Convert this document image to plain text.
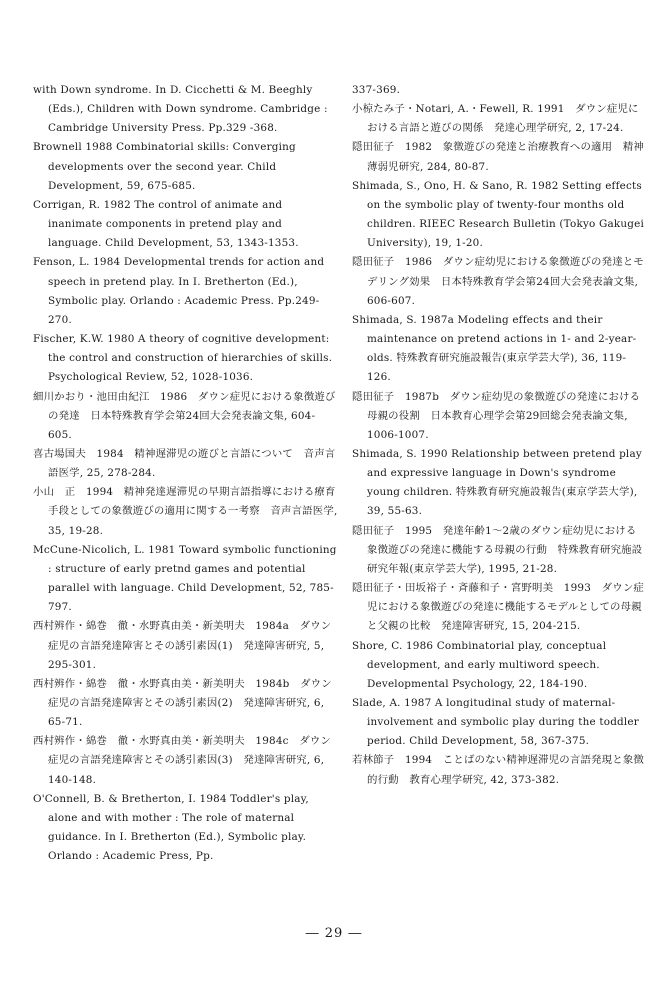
with Down syndrome. In D. Cicchetti & M. Beeghly (Eds.), Children with Down syndrome. Cambridge : Cambridge University Press. Pp.329 -368.

Brownell 1988 Combinatorial skills: Converging developments over the second year. Child Development, 59, 675-685.

Corrigan, R. 1982 The control of animate and inanimate components in pretend play and language. Child Development, 53, 1343-1353.

Fenson, L. 1984 Developmental trends for action and speech in pretend play. In I. Bretherton (Ed.), Symbolic play. Orlando : Academic Press. Pp.249-270.

Fischer, K.W. 1980 A theory of cognitive development: the control and construction of hierarchies of skills. Psychological Review, 52, 1028-1036.

細川かおり・池田由紀江　1986　ダウン症児における象徴遊びの発達　日本特殊教育学会第24回大会発表論文集, 604-605.

喜古場国夫　1984　精神遅滞児の遊びと言語について　音声言語医学, 25, 278-284.

小山　正　1994　精神発達遅滞児の早期言語指導における療育手段としての象徴遊びの適用に関する一考察　音声言語医学, 35, 19-28.

McCune-Nicolich, L. 1981 Toward symbolic functioning : structure of early pretnd games and potential parallel with language. Child Development, 52, 785-797.

西村辨作・綿巻　徹・水野真由美・新美明夫　1984a　ダウン症児の言語発達障害とその誘引素因(1)　発達障害研究, 5, 295-301.

西村辨作・綿巻　徹・水野真由美・新美明夫　1984b　ダウン症児の言語発達障害とその誘引素因(2)　発達障害研究, 6, 65-71.

西村辨作・綿巻　徹・水野真由美・新美明夫　1984c　ダウン症児の言語発達障害とその誘引素因(3)　発達障害研究, 6, 140-148.

O'Connell, B. & Bretherton, I. 1984 Toddler's play, alone and with mother : The role of maternal guidance. In I. Bretherton (Ed.), Symbolic play. Orlando : Academic Press, Pp.

337-369.

小椋たみ子・Notari, A.・Fewell, R. 1991　ダウン症児における言語と遊びの関係　発達心理学研究, 2, 17-24.

隠田征子　1982　象徴遊びの発達と治療教育への適用　精神薄弱児研究, 284, 80-87.

Shimada, S., Ono, H. & Sano, R. 1982 Setting effects on the symbolic play of twenty-four months old children. RIEEC Research Bulletin (Tokyo Gakugei University), 19, 1-20.

隠田征子　1986　ダウン症幼児における象徴遊びの発達とモデリング効果　日本特殊教育学会第24回大会発表論文集, 606-607.

Shimada, S. 1987a Modeling effects and their maintenance on pretend actions in 1- and 2-year-olds. 特殊教育研究施設報告(東京学芸大学), 36, 119-126.

隠田征子　1987b　ダウン症幼児の象徴遊びの発達における母親の役割　日本教育心理学会第29回総会発表論文集, 1006-1007.

Shimada, S. 1990 Relationship between pretend play and expressive language in Down's syndrome young children. 特殊教育研究施設報告(東京学芸大学), 39, 55-63.

隠田征子　1995　発達年齢1～2歳のダウン症幼児における象徴遊びの発達に機能する母親の行動　特殊教育研究施設研究年報(東京学芸大学), 1995, 21-28.

隠田征子・田坂裕子・斉藤和子・宮野明美　1993　ダウン症児における象徴遊びの発達に機能するモデルとしての母親と父親の比較　発達障害研究, 15, 204-215.

Shore, C. 1986 Combinatorial play, conceptual development, and early multiword speech. Developmental Psychology, 22, 184-190.

Slade, A. 1987 A longitudinal study of maternal-involvement and symbolic play during the toddler period. Child Development, 58, 367-375.

若林節子　1994　ことばのない精神遅滞児の言語発現と象徴的行動　教育心理学研究, 42, 373-382.

― 29 ―
